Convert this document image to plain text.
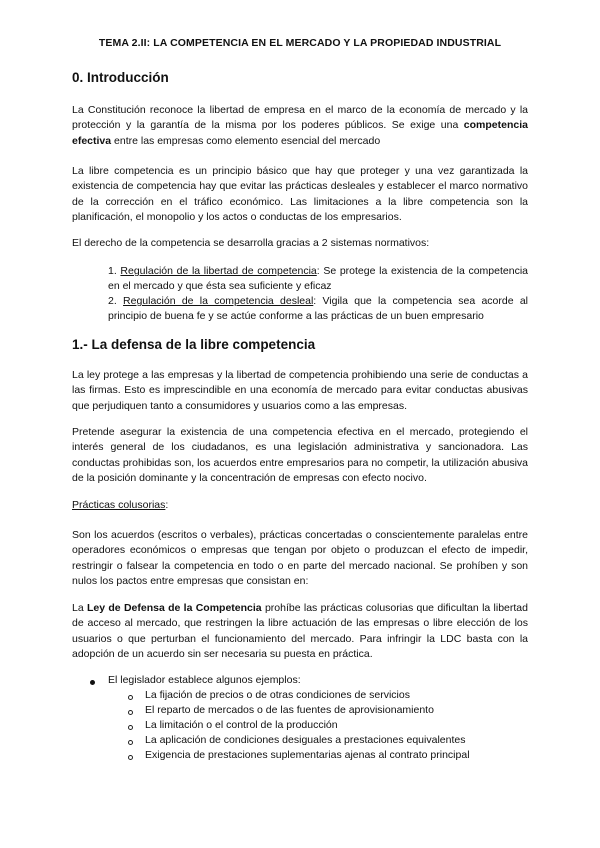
TEMA 2.II: LA COMPETENCIA EN EL MERCADO Y LA PROPIEDAD INDUSTRIAL
0. Introducción
La Constitución reconoce la libertad de empresa en el marco de la economía de mercado y la protección y la garantía de la misma por los poderes públicos. Se exige una competencia efectiva entre las empresas como elemento esencial del mercado
La libre competencia es un principio básico que hay que proteger y una vez garantizada la existencia de competencia hay que evitar las prácticas desleales y establecer el marco normativo de la corrección en el tráfico económico. Las limitaciones a la libre competencia son la planificación, el monopolio y los actos o conductas de los empresarios.
El derecho de la competencia se desarrolla gracias a 2 sistemas normativos:
1. Regulación de la libertad de competencia: Se protege la existencia de la competencia en el mercado y que ésta sea suficiente y eficaz
2. Regulación de la competencia desleal: Vigila que la competencia sea acorde al principio de buena fe y se actúe conforme a las prácticas de un buen empresario
1.- La defensa de la libre competencia
La ley protege a las empresas y la libertad de competencia prohibiendo una serie de conductas a las firmas. Esto es imprescindible en una economía de mercado para evitar conductas abusivas que perjudiquen tanto a consumidores y usuarios como a las empresas.
Pretende asegurar la existencia de una competencia efectiva en el mercado, protegiendo el interés general de los ciudadanos, es una legislación administrativa y sancionadora. Las conductas prohibidas son, los acuerdos entre empresarios para no competir, la utilización abusiva de la posición dominante y la concentración de empresas con efecto nocivo.
Prácticas colusorias:
Son los acuerdos (escritos o verbales), prácticas concertadas o conscientemente paralelas entre operadores económicos o empresas que tengan por objeto o produzcan el efecto de impedir, restringir o falsear la competencia en todo o en parte del mercado nacional. Se prohíben y son nulos los pactos entre empresas que consistan en:
La Ley de Defensa de la Competencia prohíbe las prácticas colusorias que dificultan la libertad de acceso al mercado, que restringen la libre actuación de las empresas o libre elección de los usuarios o que perturban el funcionamiento del mercado. Para infringir la LDC basta con la adopción de un acuerdo sin ser necesaria su puesta en práctica.
El legislador establece algunos ejemplos:
La fijación de precios o de otras condiciones de servicios
El reparto de mercados o de las fuentes de aprovisionamiento
La limitación o el control de la producción
La aplicación de condiciones desiguales a prestaciones equivalentes
Exigencia de prestaciones suplementarias ajenas al contrato principal
